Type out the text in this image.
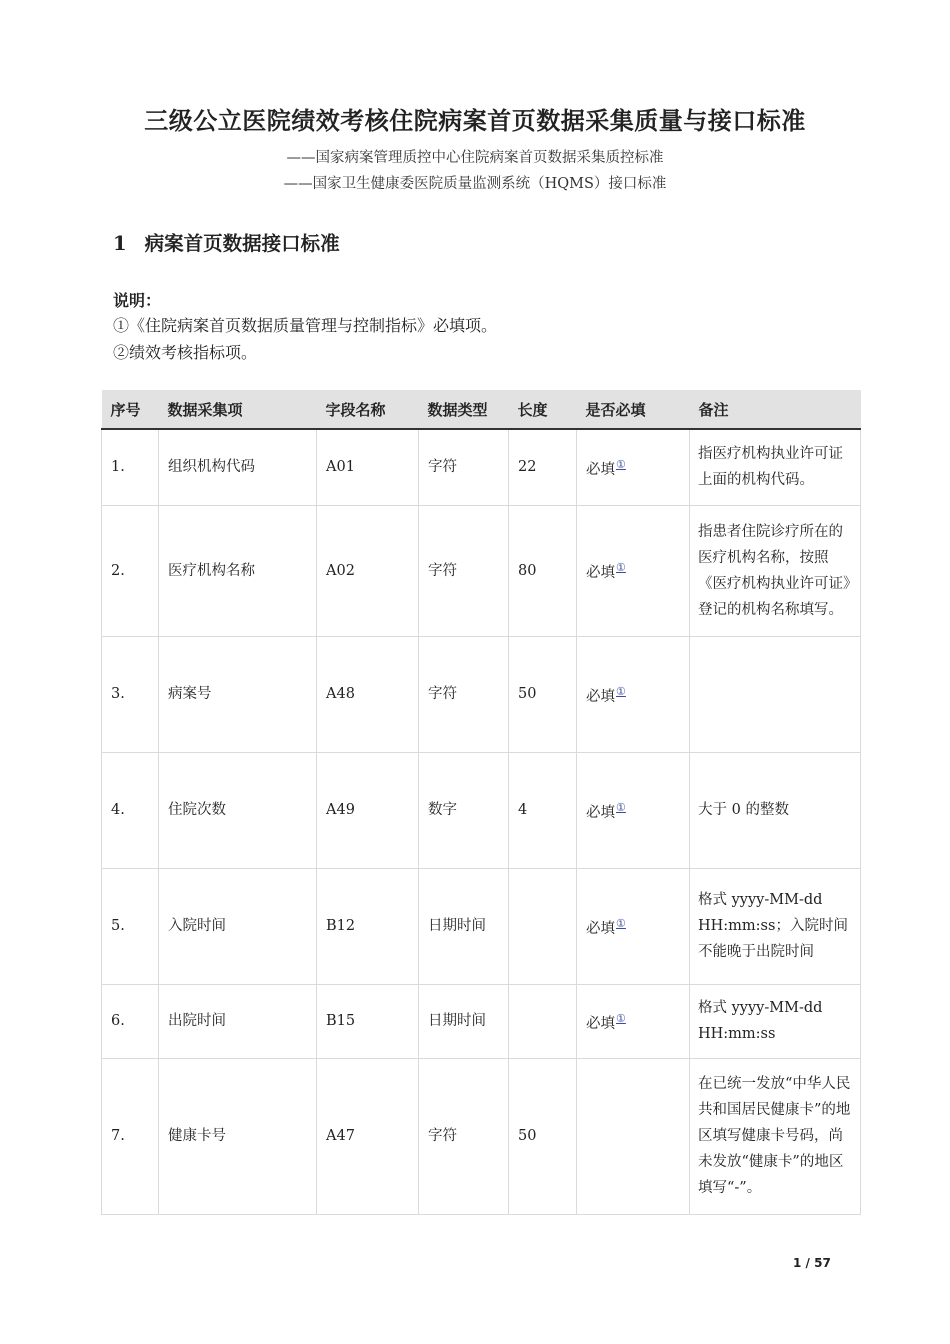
三级公立医院绩效考核住院病案首页数据采集质量与接口标准
——国家病案管理质控中心住院病案首页数据采集质控标准
——国家卫生健康委医院质量监测系统（HQMS）接口标准
1 病案首页数据接口标准
说明：
①《住院病案首页数据质量管理与控制指标》必填项。
②绩效考核指标项。
序号	数据采集项	字段名称	数据类型	长度	是否必填	备注
1.	组织机构代码	A01	字符	22	必填①	指医疗机构执业许可证上面的机构代码。
2.	医疗机构名称	A02	字符	80	必填①	指患者住院诊疗所在的医疗机构名称，按照《医疗机构执业许可证》登记的机构名称填写。
3.	病案号	A48	字符	50	必填①	
4.	住院次数	A49	数字	4	必填①	大于 0 的整数
5.	入院时间	B12	日期时间		必填①	格式 yyyy-MM-dd HH:mm:ss；入院时间不能晚于出院时间
6.	出院时间	B15	日期时间		必填①	格式 yyyy-MM-dd HH:mm:ss
7.	健康卡号	A47	字符	50		在已统一发放“中华人民共和国居民健康卡”的地区填写健康卡号码，尚未发放“健康卡”的地区填写“-”。
1 / 57
